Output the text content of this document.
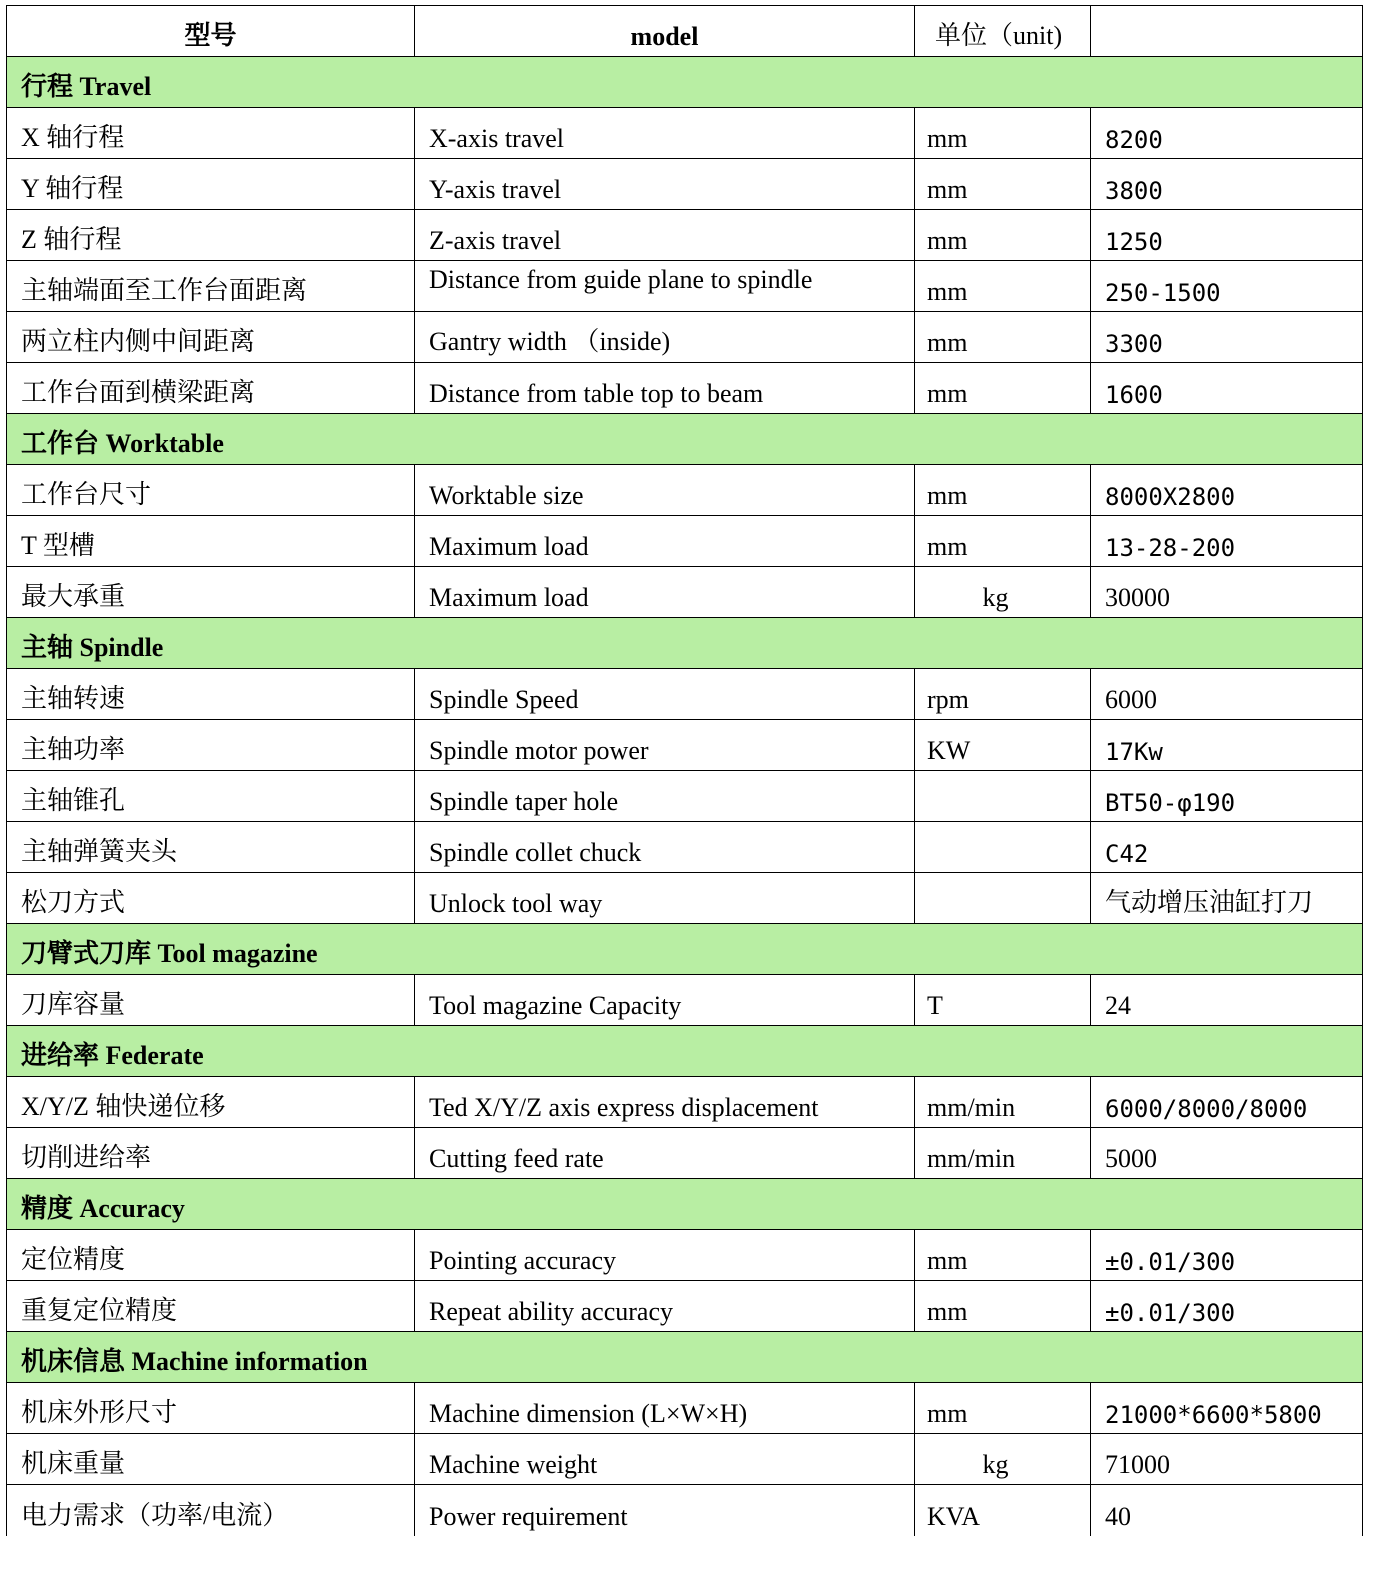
型号	model	单位（unit)	
行程 Travel			
X 轴行程	X-axis travel	mm	8200
Y 轴行程	Y-axis travel	mm	3800
Z 轴行程	Z-axis travel	mm	1250
主轴端面至工作台面距离	Distance from guide plane to spindle	mm	250-1500
两立柱内侧中间距离	Gantry width （inside)	mm	3300
工作台面到横梁距离	Distance from table top to beam	mm	1600
工作台 Worktable			
工作台尺寸	Worktable size	mm	8000X2800
T 型槽	Maximum load	mm	13-28-200
最大承重	Maximum load	kg	30000
主轴 Spindle			
主轴转速	Spindle Speed	rpm	6000
主轴功率	Spindle motor power	KW	17Kw
主轴锥孔	Spindle taper hole		BT50-φ190
主轴弹簧夹头	Spindle collet chuck		C42
松刀方式	Unlock tool way		气动增压油缸打刀
刀臂式刀库 Tool magazine			
刀库容量	Tool magazine Capacity	T	24
进给率 Federate			
X/Y/Z 轴快递位移	Ted X/Y/Z axis express displacement	mm/min	6000/8000/8000
切削进给率	Cutting feed rate	mm/min	5000
精度 Accuracy			
定位精度	Pointing accuracy	mm	±0.01/300
重复定位精度	Repeat ability accuracy	mm	±0.01/300
机床信息 Machine information			
机床外形尺寸	Machine dimension (L×W×H)	mm	21000*6600*5800
机床重量	Machine weight	kg	71000
电力需求（功率/电流）	Power requirement	KVA	40
